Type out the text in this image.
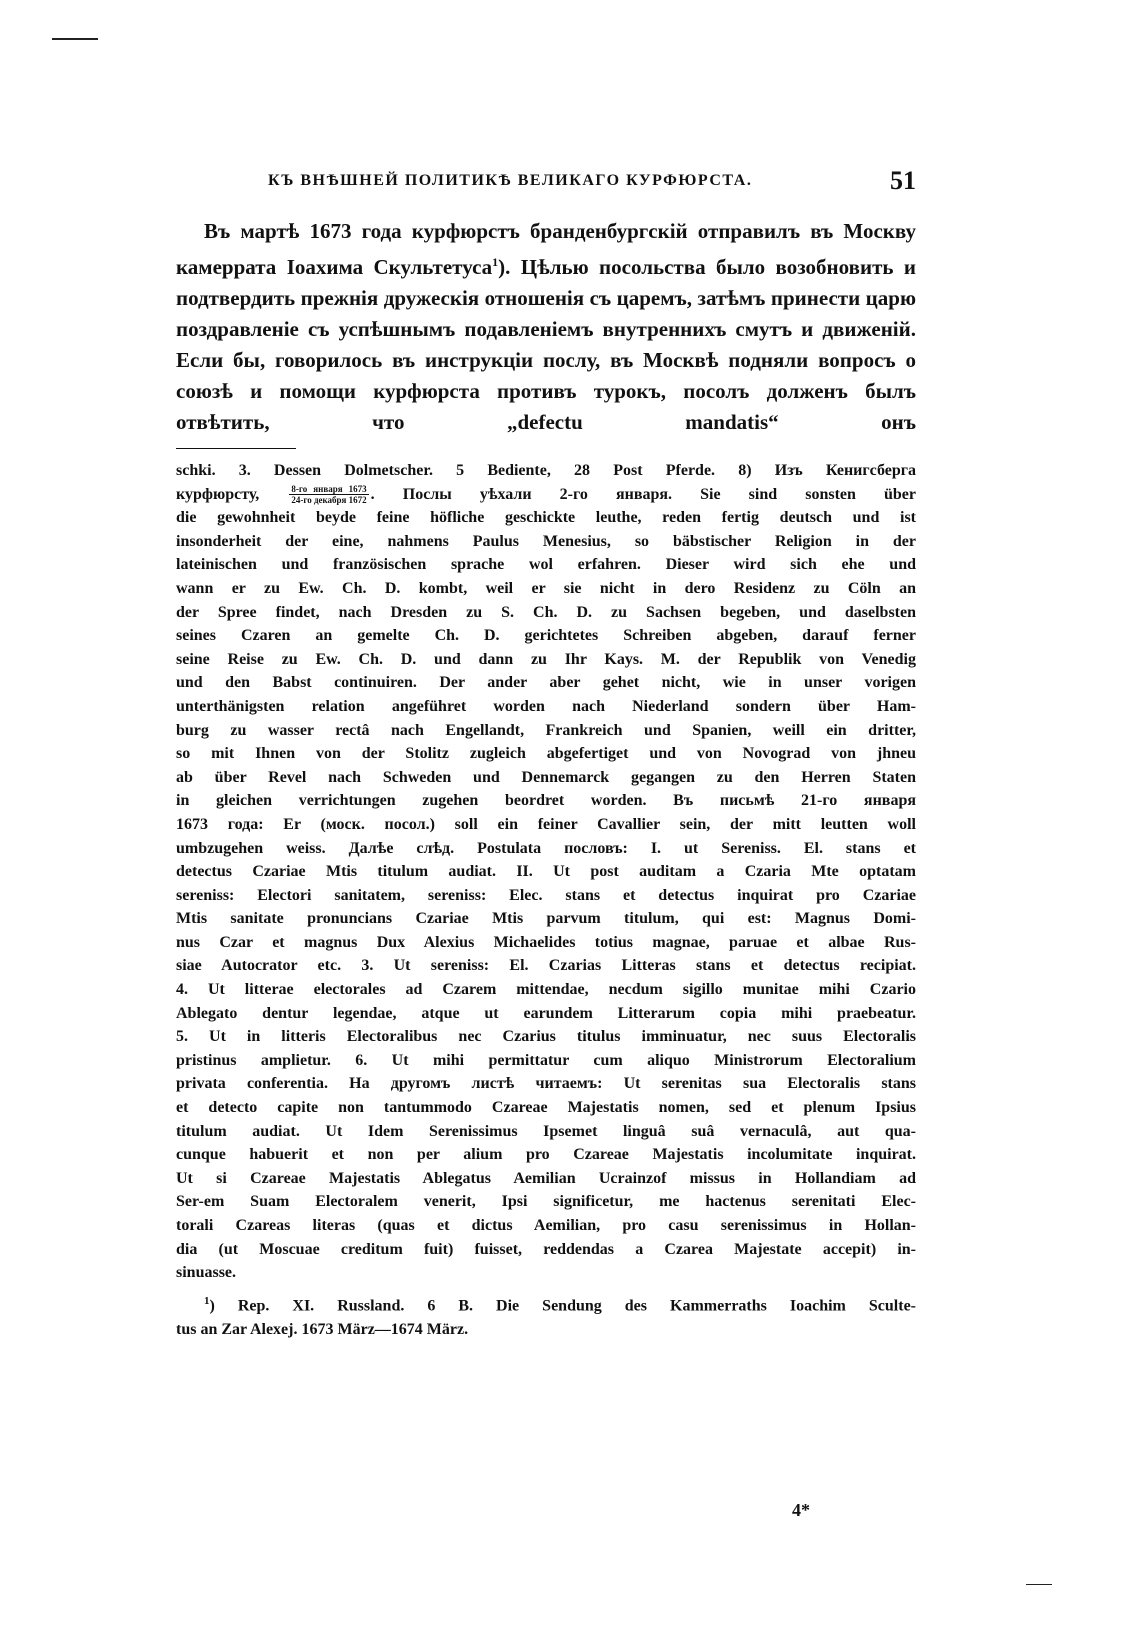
КЪ ВНѢШНЕЙ ПОЛИТИКѢ ВЕЛИКАГО КУРФЮРСТА.	51

Въ мартѣ 1673 года курфюрстъ бранденбургскій отправилъ въ Москву камеррата Іоахима Скультетуса$^1$). Цѣлью посольства было возобновить и подтвердить прежнія дружескія отношенія съ царемъ, затѣмъ принести царю поздравленіе съ успѣшнымъ подавленіемъ внутреннихъ смутъ и движеній. Если бы, говорилось въ инструкціи послу, въ Москвѣ подняли вопросъ о союзѣ и помощи курфюрста противъ турокъ, посолъ долженъ былъ отвѣтить, что „defectu mandatis“ онъ

schki. 3. Dessen Dolmetscher. 5 Bediente, 28 Post Pferde. 8) Изъ Кенигсберга
курфюрсту,	$\frac{\text{8-го января 1673}}{\text{24-го декабря 1672}}$ . Послы уѣхали 2-го января. Sie sind sonsten über
die gewohnheit beyde feine höfliche geschickte leuthe, reden fertig deutsch und ist
insonderheit der eine, nahmens Paulus Menesius, so bäbstischer Religion in der
lateinischen und französischen sprache wol erfahren. Dieser wird sich ehe und
wann er zu Ew. Ch. D. kombt, weil er sie nicht in dero Residenz zu Cöln an
der Spree findet, nach Dresden zu S. Ch. D. zu Sachsen begeben, und daselbsten
seines Czaren an gemelte Ch. D. gerichtetes Schreiben abgeben, darauf ferner
seine Reise zu Ew. Ch. D. und dann zu Ihr Kays. M. der Republik von Venedig
und den Babst continuiren. Der ander aber gehet nicht, wie in unser vorigen
unterthänigsten relation angeführet worden nach Niederland sondern über Ham-
burg zu wasser rectâ nach Engellandt, Frankreich und Spanien, weill ein dritter,
so mit Ihnen von der Stolitz zugleich abgefertiget und von Novograd von jhneu
ab über Revel nach Schweden und Dennemarck gegangen zu den Herren Staten
in gleichen verrichtungen zugehen beordret worden. Въ письмѣ 21-го января
1673 года: Er (моск. посол.) soll ein feiner Cavallier sein, der mitt leutten woll
umbzugehen weiss. Далѣе слѣд. Postulata пословъ: I. ut Sereniss. El. stans et
detectus Czariae Mtis titulum audiat. II. Ut post auditam a Czaria Mte optatam
sereniss: Electori sanitatem, sereniss: Elec. stans et detectus inquirat pro Czariae
Mtis sanitate pronuncians Czariae Mtis parvum titulum, qui est: Magnus Domi-
nus Czar et magnus Dux Alexius Michaelides totius magnae, paruae et albae Rus-
siae Autocrator etc. 3. Ut sereniss: El. Czarias Litteras stans et detectus recipiat.
4. Ut litterae electorales ad Czarem mittendae, necdum sigillo munitae mihi Czario
Ablegato dentur legendae, atque ut earundem Litterarum copia mihi praebeatur.
5. Ut in litteris Electoralibus nec Czarius titulus imminuatur, nec suus Electoralis
pristinus amplietur. 6. Ut mihi permittatur cum aliquo Ministrorum Electoralium
privata conferentia. На другомъ листѣ читаемъ: Ut serenitas sua Electoralis stans
et detecto capite non tantummodo Czareae Majestatis nomen, sed et plenum Ipsius
titulum audiat. Ut Idem Serenissimus Ipsemet linguâ suâ vernaculâ, aut qua-
cunque habuerit et non per alium pro Czareae Majestatis incolumitate inquirat.
Ut si Czareae Majestatis Ablegatus Aemilian Ucrainzof missus in Hollandiam ad
Ser-em Suam Electoralem venerit, Ipsi significetur, me hactenus serenitati Elec-
torali Czareas literas (quas et dictus Aemilian, pro casu serenissimus in Hollan-
dia (ut Moscuae creditum fuit) fuisset, reddendas a Czarea Majestate accepit) in-
sinuasse.
$^1$) Rep. XI. Russland. 6 B. Die Sendung des Kammerraths Ioachim Sculte-
tus an Zar Alexej. 1673 März—1674 März.
4*
